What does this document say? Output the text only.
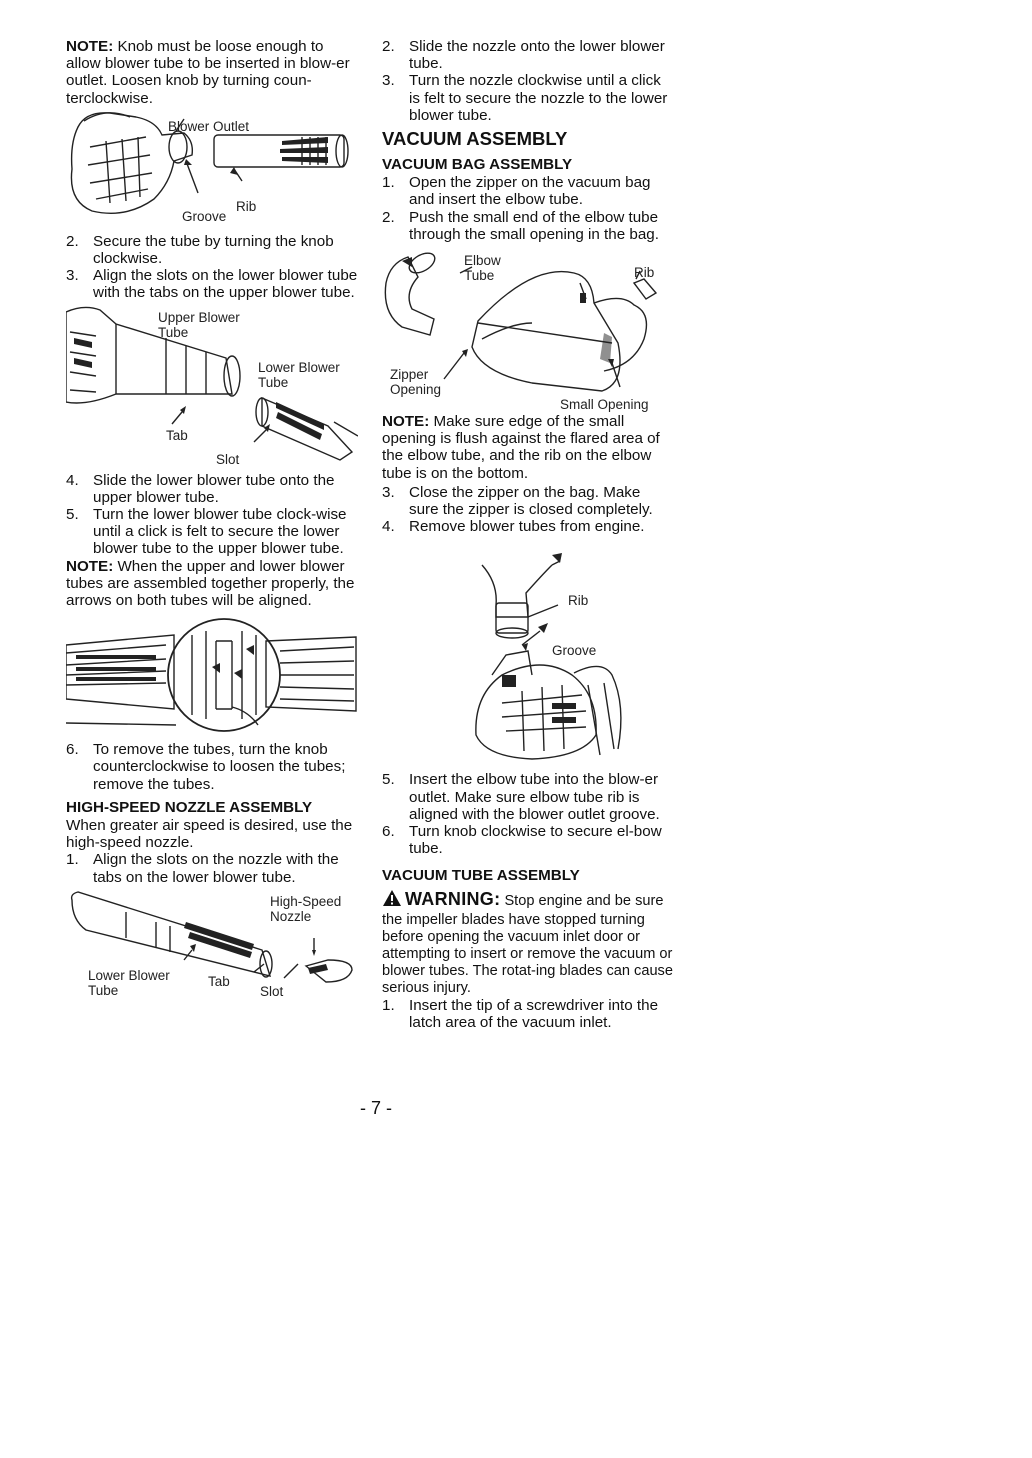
NOTE: Knob must be loose enough to allow blower tube to be inserted in blow-er outlet. Loosen knob by turning coun-terclockwise.

Blower Outlet
Rib
Groove
2. Secure the tube by turning the knob clockwise.
3. Align the slots on the lower blower tube with the tabs on the upper blower tube.
Upper Blower Tube
Lower Blower Tube
Tab
Slot
4. Slide the lower blower tube onto the upper blower tube.
5. Turn the lower blower tube clock-wise until a click is felt to secure the lower blower tube to the upper blower tube.

NOTE: When the upper and lower blower tubes are assembled together properly, the arrows on both tubes will be aligned.

6. To remove the tubes, turn the knob counterclockwise to loosen the tubes; remove the tubes.
HIGH-SPEED NOZZLE ASSEMBLY

When greater air speed is desired, use the high-speed nozzle.

1. Align the slots on the nozzle with the tabs on the lower blower tube.
High-Speed Nozzle
Lower Blower Tube
Tab
Slot
2. Slide the nozzle onto the lower blower tube.
3. Turn the nozzle clockwise until a click is felt to secure the nozzle to the lower blower tube.
VACUUM ASSEMBLY
VACUUM BAG ASSEMBLY
1. Open the zipper on the vacuum bag and insert the elbow tube.
2. Push the small end of the elbow tube through the small opening in the bag.
Elbow Tube	Rib
Zipper Opening
Small Opening

NOTE: Make sure edge of the small opening is flush against the flared area of the elbow tube, and the rib on the elbow tube is on the bottom.

3. Close the zipper on the bag. Make sure the zipper is closed completely.
4. Remove blower tubes from engine.
Rib
Groove
5. Insert the elbow tube into the blow-er outlet. Make sure elbow tube rib is aligned with the blower outlet groove.
6. Turn knob clockwise to secure el-bow tube.
VACUUM TUBE ASSEMBLY

WARNING: Stop engine and be sure the impeller blades have stopped turning before opening the vacuum inlet door or attempting to insert or remove the vacuum or blower tubes. The rotat-ing blades can cause serious injury.

1. Insert the tip of a screwdriver into the latch area of the vacuum inlet.
- 7 -
